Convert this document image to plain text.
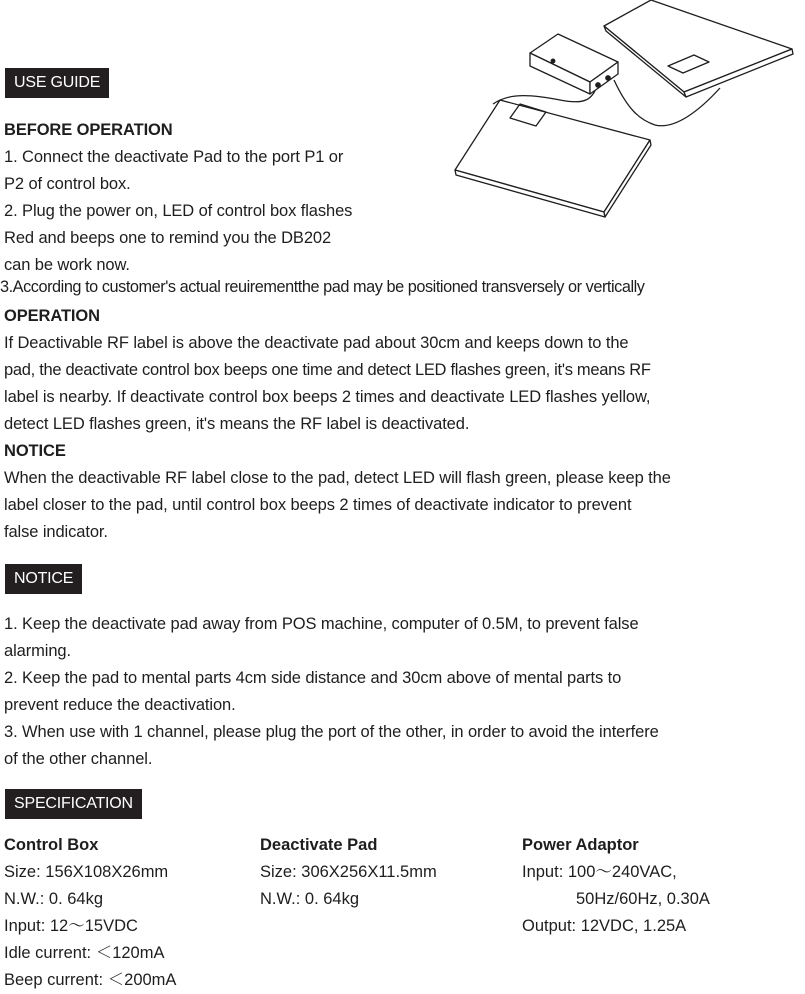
USE GUIDE
BEFORE OPERATION
1. Connect the deactivate Pad to the port P1 or
P2 of control box.
2. Plug the power on, LED of control box flashes
Red and beeps one to remind you the DB202
can be work now.
3.According to customer's actual reuirementthe pad may be positioned transversely or vertically
OPERATION
If Deactivable RF label is above the deactivate pad about 30cm and keeps down to the
pad, the deactivate control box beeps one time and detect LED flashes green, it's means RF
label is nearby. If deactivate control box beeps 2 times and deactivate LED flashes yellow,
detect LED flashes green, it's means the RF label is deactivated.
NOTICE
When the deactivable RF label close to the pad, detect LED will flash green, please keep the
label closer to the pad, until control box beeps 2 times of deactivate indicator to prevent
false indicator.
NOTICE
1. Keep the deactivate pad away from POS machine, computer of 0.5M, to prevent false
alarming.
2. Keep the pad to mental parts 4cm side distance and 30cm above of mental parts to
prevent reduce the deactivation.
3. When use with 1 channel, please plug the port of the other, in order to avoid the interfere
of the other channel.
SPECIFICATION
Control Box
Size: 156X108X26mm
N.W.: 0. 64kg
Input: 12～15VDC
Idle current: ＜120mA
Beep current: ＜200mA
Deactivate Pad
Size: 306X256X11.5mm
N.W.: 0. 64kg
Power Adaptor
Input: 100～240VAC,
50Hz/60Hz, 0.30A
Output: 12VDC, 1.25A
